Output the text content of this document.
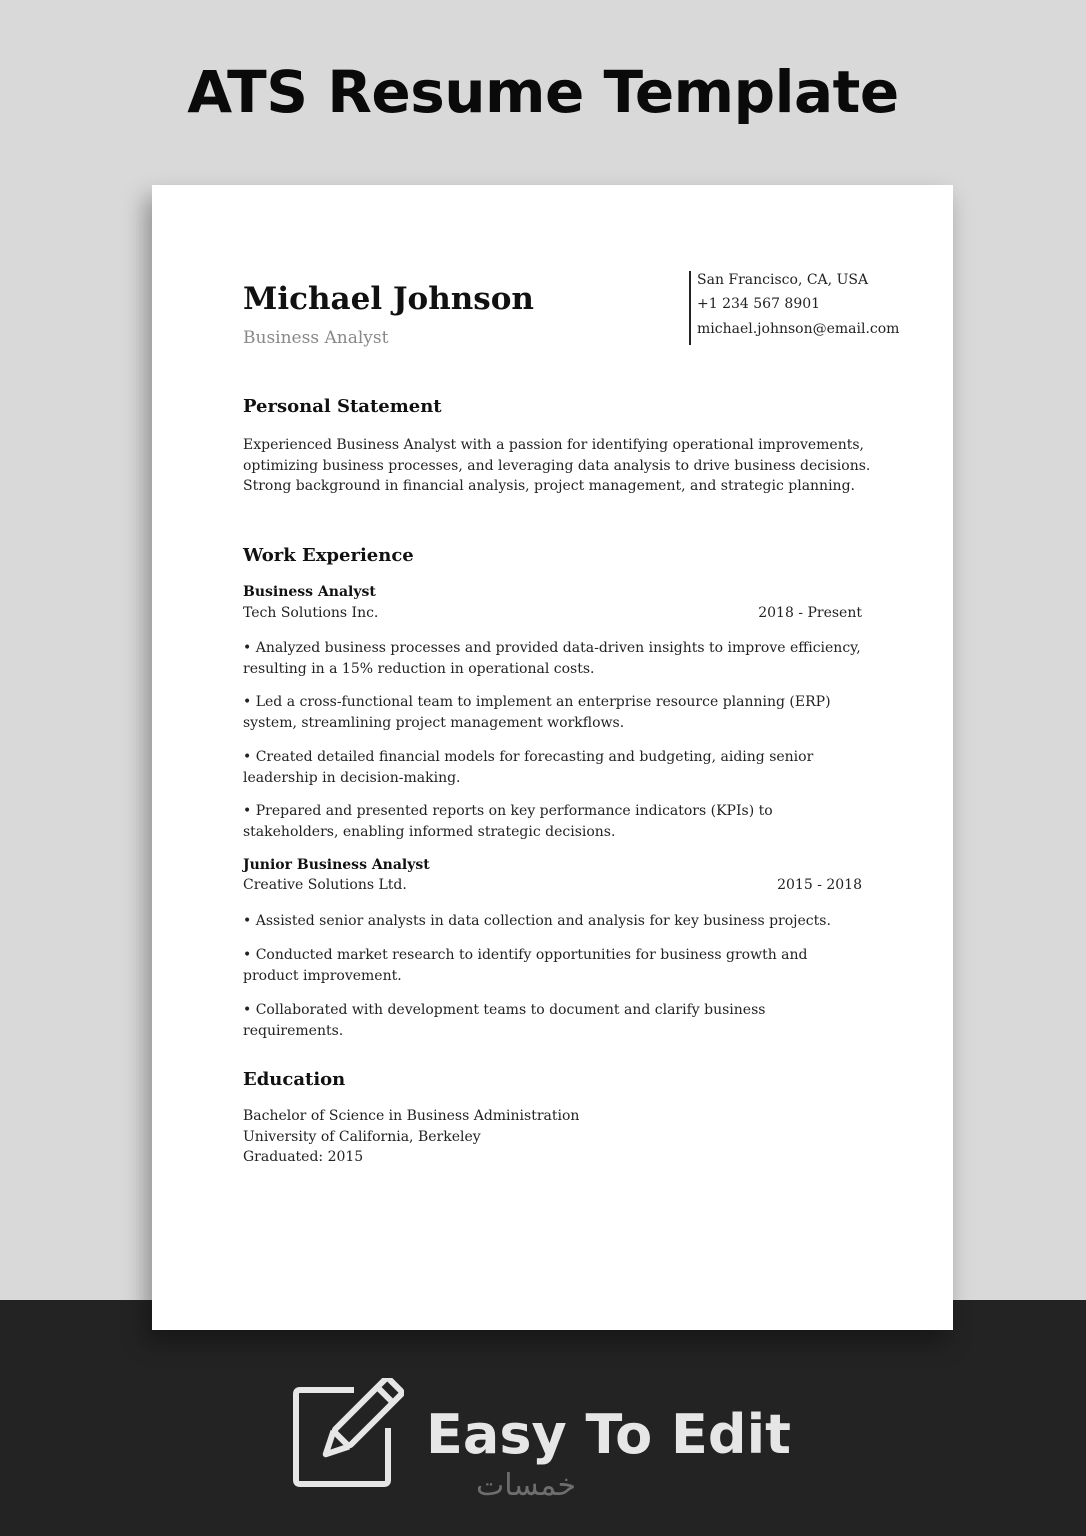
ATS Resume Template
Michael Johnson
Business Analyst
San Francisco, CA, USA
+1 234 567 8901
michael.johnson@email.com
Personal Statement
Experienced Business Analyst with a passion for identifying operational improvements, optimizing business processes, and leveraging data analysis to drive business decisions. Strong background in financial analysis, project management, and strategic planning.
Work Experience
Business Analyst
Tech Solutions Inc.	2018 - Present
• Analyzed business processes and provided data-driven insights to improve efficiency, resulting in a 15% reduction in operational costs.
• Led a cross-functional team to implement an enterprise resource planning (ERP) system, streamlining project management workflows.
• Created detailed financial models for forecasting and budgeting, aiding senior leadership in decision-making.
• Prepared and presented reports on key performance indicators (KPIs) to stakeholders, enabling informed strategic decisions.
Junior Business Analyst
Creative Solutions Ltd.	2015 - 2018
• Assisted senior analysts in data collection and analysis for key business projects.
• Conducted market research to identify opportunities for business growth and product improvement.
• Collaborated with development teams to document and clarify business requirements.
Education
Bachelor of Science in Business Administration
University of California, Berkeley
Graduated: 2015
Easy To Edit
خمسات
